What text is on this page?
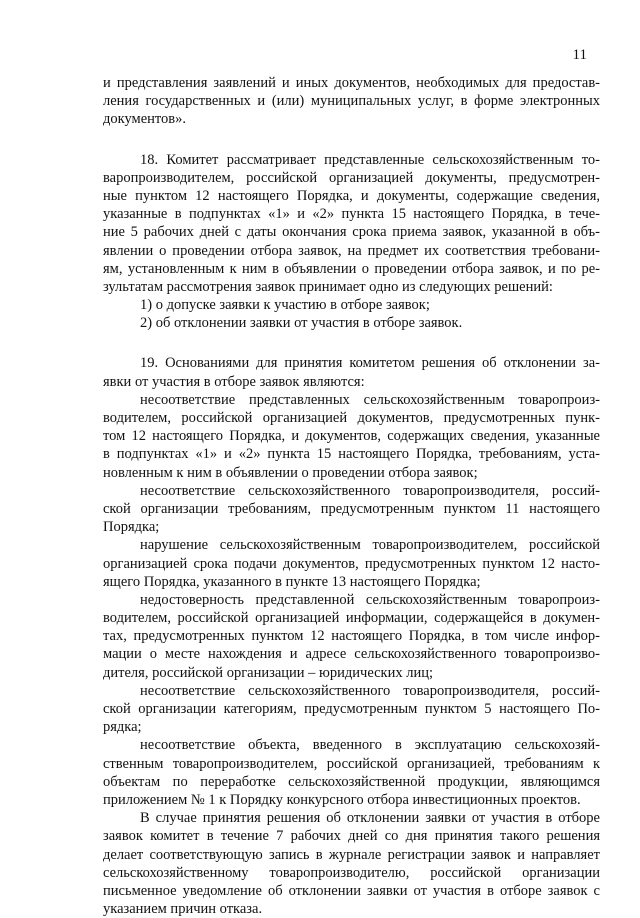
11
и представления заявлений и иных документов, необходимых для предостав-
ления государственных и (или) муниципальных услуг, в форме электронных
документов».
18. Комитет рассматривает представленные сельскохозяйственным то-
варопроизводителем, российской организацией документы, предусмотрен-
ные пунктом 12 настоящего Порядка, и документы, содержащие сведения,
указанные в подпунктах «1» и «2» пункта 15 настоящего Порядка, в тече-
ние 5 рабочих дней с даты окончания срока приема заявок, указанной в объ-
явлении о проведении отбора заявок, на предмет их соответствия требовани-
ям, установленным к ним в объявлении о проведении отбора заявок, и по ре-
зультатам рассмотрения заявок принимает одно из следующих решений:
1) о допуске заявки к участию в отборе заявок;
2) об отклонении заявки от участия в отборе заявок.
19. Основаниями для принятия комитетом решения об отклонении за-
явки от участия в отборе заявок являются:
несоответствие представленных сельскохозяйственным товаропроиз-
водителем, российской организацией документов, предусмотренных пунк-
том 12 настоящего Порядка, и документов, содержащих сведения, указанные
в подпунктах «1» и «2» пункта 15 настоящего Порядка, требованиям, уста-
новленным к ним в объявлении о проведении отбора заявок;
несоответствие сельскохозяйственного товаропроизводителя, россий-
ской организации требованиям, предусмотренным пунктом 11 настоящего
Порядка;
нарушение сельскохозяйственным товаропроизводителем, российской
организацией срока подачи документов, предусмотренных пунктом 12 насто-
ящего Порядка, указанного в пункте 13 настоящего Порядка;
недостоверность представленной сельскохозяйственным товаропроиз-
водителем, российской организацией информации, содержащейся в докумен-
тах, предусмотренных пунктом 12 настоящего Порядка, в том числе инфор-
мации о месте нахождения и адресе сельскохозяйственного товаропроизво-
дителя, российской организации – юридических лиц;
несоответствие сельскохозяйственного товаропроизводителя, россий-
ской организации категориям, предусмотренным пунктом 5 настоящего По-
рядка;
несоответствие объекта, введенного в эксплуатацию сельскохозяй-
ственным товаропроизводителем, российской организацией, требованиям к
объектам по переработке сельскохозяйственной продукции, являющимся
приложением № 1 к Порядку конкурсного отбора инвестиционных проектов.
В случае принятия решения об отклонении заявки от участия в отборе
заявок комитет в течение 7 рабочих дней со дня принятия такого решения
делает соответствующую запись в журнале регистрации заявок и направляет
сельскохозяйственному товаропроизводителю, российской организации
письменное уведомление об отклонении заявки от участия в отборе заявок с
указанием причин отказа.
